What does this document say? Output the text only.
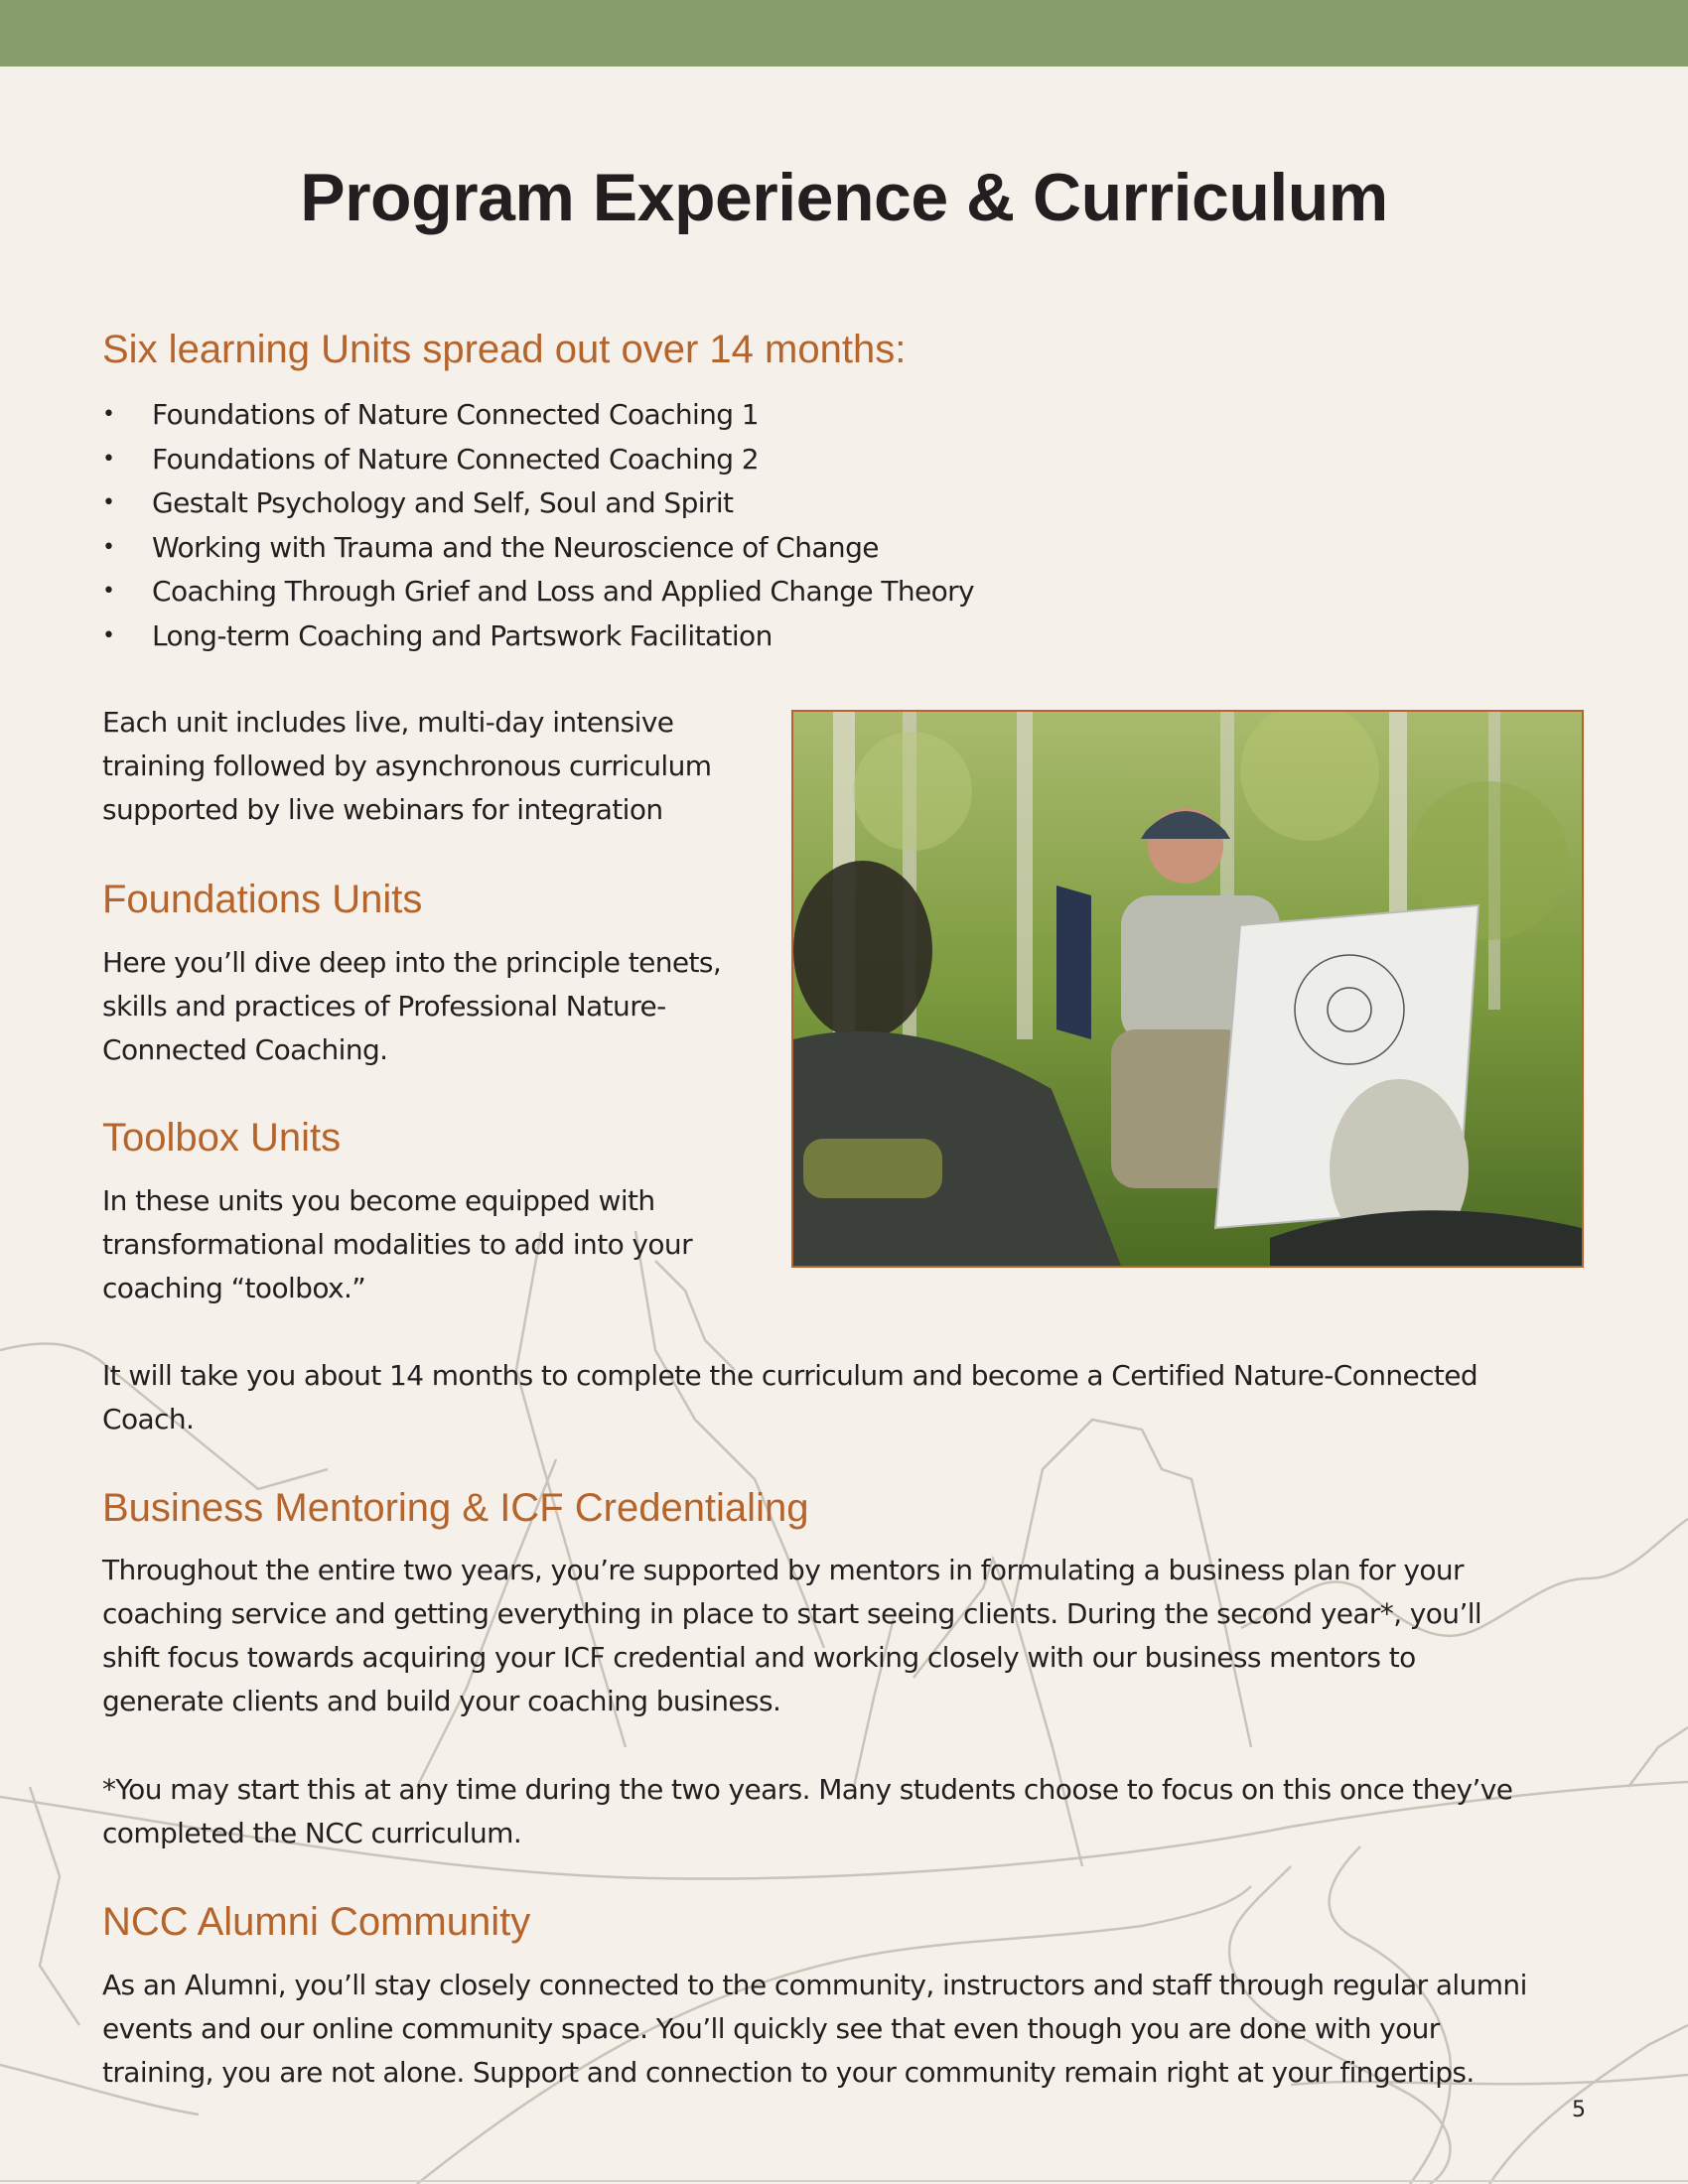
Program Experience & Curriculum
Six learning Units spread out over 14 months:
•	Foundations of Nature Connected Coaching 1
•	Foundations of Nature Connected Coaching 2
•	Gestalt Psychology and Self, Soul and Spirit
•	Working with Trauma and the Neuroscience of Change
•	Coaching Through Grief and Loss and Applied Change Theory
•	Long-term Coaching and Partswork Facilitation
Each unit includes live, multi-day intensive
training followed by asynchronous curriculum
supported by live webinars for integration
Foundations Units
Here you’ll dive deep into the principle tenets,
skills and practices of Professional Nature-
Connected Coaching.
Toolbox Units
In these units you become equipped with
transformational modalities to add into your
coaching “toolbox.”
It will take you about 14 months to complete the curriculum and become a Certified Nature-Connected
Coach.
Business Mentoring & ICF Credentialing
Throughout the entire two years, you’re supported by mentors in formulating a business plan for your
coaching service and getting everything in place to start seeing clients. During the second year*, you’ll
shift focus towards acquiring your ICF credential and working closely with our business mentors to
generate clients and build your coaching business.
*You may start this at any time during the two years. Many students choose to focus on this once they’ve
completed the NCC curriculum.
NCC Alumni Community
As an Alumni, you’ll stay closely connected to the community, instructors and staff through regular alumni
events and our online community space. You’ll quickly see that even though you are done with your
training, you are not alone. Support and connection to your community remain right at your fingertips.
5
